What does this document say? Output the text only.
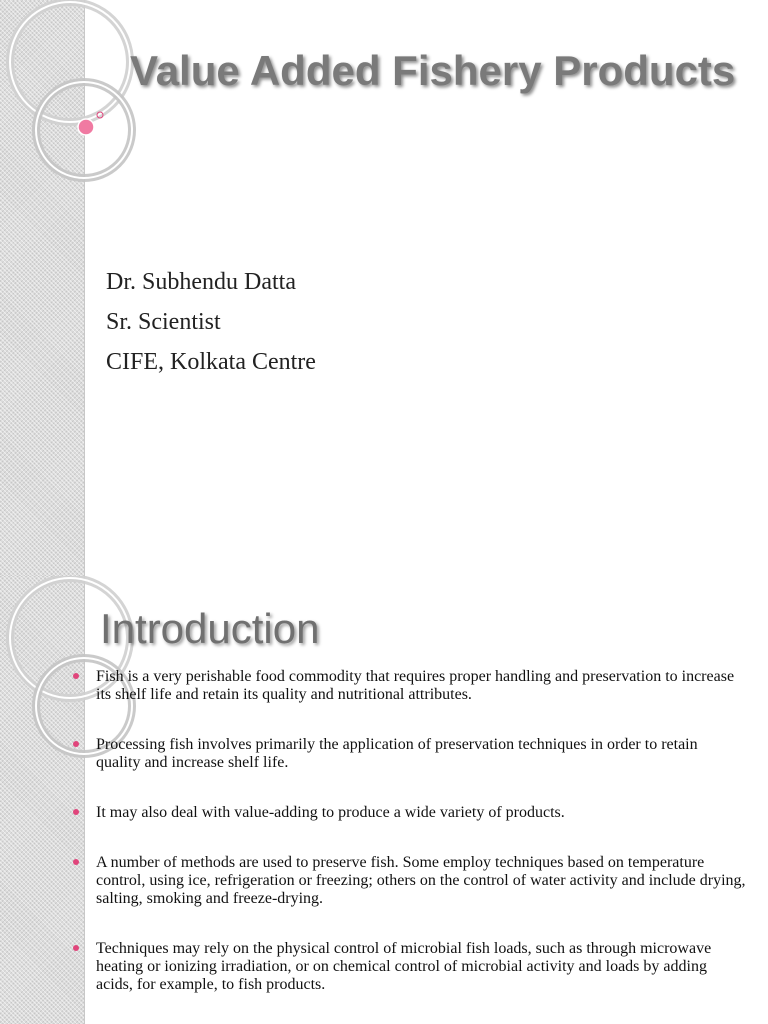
Value Added Fishery Products
Dr. Subhendu Datta
Sr. Scientist
CIFE, Kolkata Centre
Introduction
Fish is a very perishable food commodity that requires proper handling and preservation to increase its shelf life and retain its quality and nutritional attributes.
Processing fish involves primarily the application of preservation techniques in order to retain quality and increase shelf life.
It may also deal with value-adding to produce a wide variety of products.
A number of methods are used to preserve fish. Some employ techniques based on temperature control, using ice, refrigeration or freezing; others on the control of water activity and include drying, salting, smoking and freeze-drying.
Techniques may rely on the physical control of microbial fish loads, such as through microwave heating or ionizing irradiation, or on chemical control of microbial activity and loads by adding acids, for example, to fish products.
